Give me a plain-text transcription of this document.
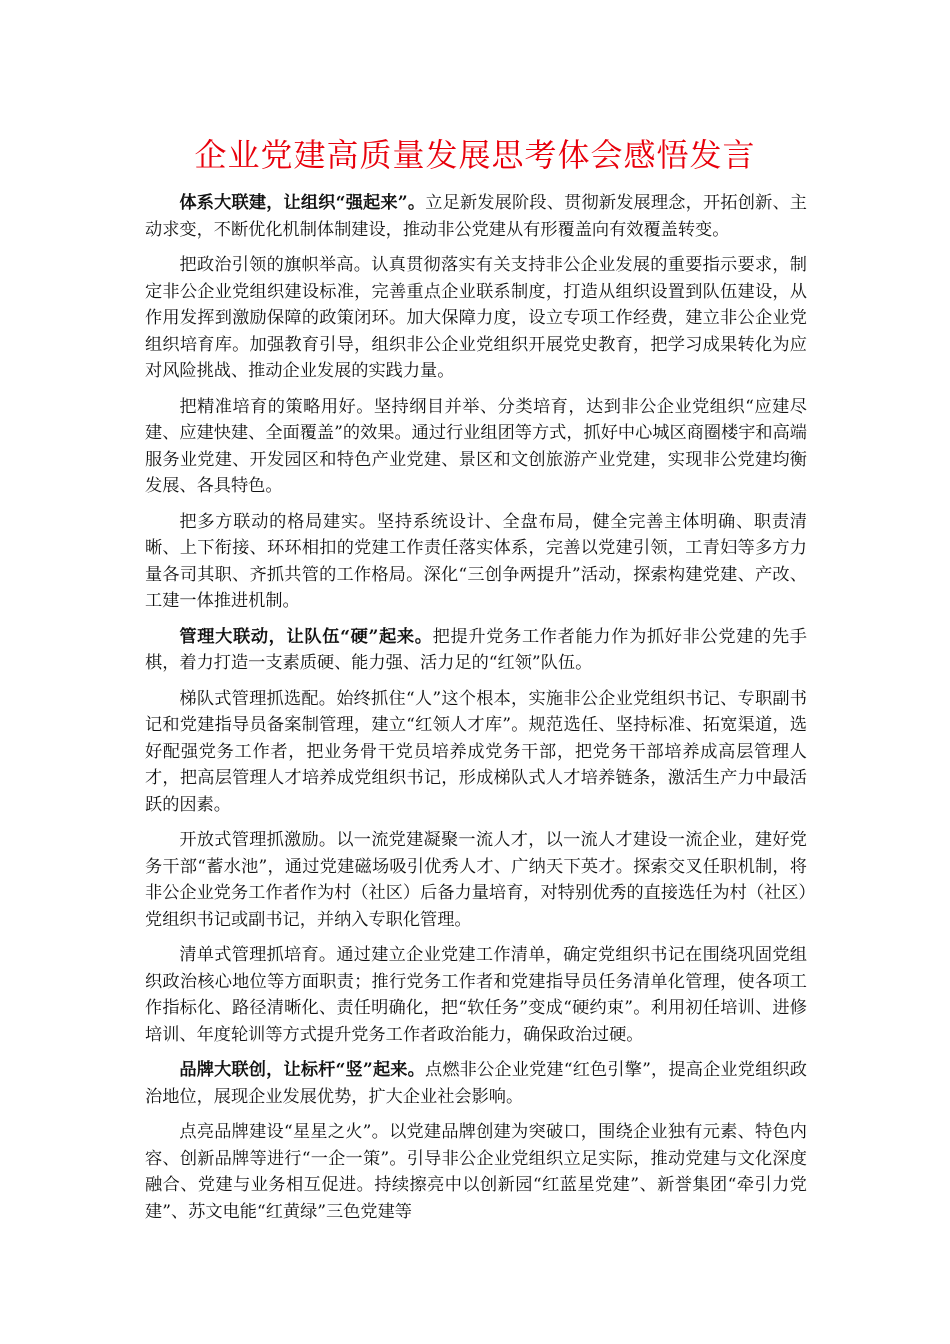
企业党建高质量发展思考体会感悟发言

体系大联建，让组织“强起来”。立足新发展阶段、贯彻新发展理念，开拓创新、主动求变，不断优化机制体制建设，推动非公党建从有形覆盖向有效覆盖转变。

把政治引领的旗帜举高。认真贯彻落实有关支持非公企业发展的重要指示要求，制定非公企业党组织建设标准，完善重点企业联系制度，打造从组织设置到队伍建设，从作用发挥到激励保障的政策闭环。加大保障力度，设立专项工作经费，建立非公企业党组织培育库。加强教育引导，组织非公企业党组织开展党史教育，把学习成果转化为应对风险挑战、推动企业发展的实践力量。

把精准培育的策略用好。坚持纲目并举、分类培育，达到非公企业党组织“应建尽建、应建快建、全面覆盖”的效果。通过行业组团等方式，抓好中心城区商圈楼宇和高端服务业党建、开发园区和特色产业党建、景区和文创旅游产业党建，实现非公党建均衡发展、各具特色。

把多方联动的格局建实。坚持系统设计、全盘布局，健全完善主体明确、职责清晰、上下衔接、环环相扣的党建工作责任落实体系，完善以党建引领，工青妇等多方力量各司其职、齐抓共管的工作格局。深化“三创争两提升”活动，探索构建党建、产改、工建一体推进机制。

管理大联动，让队伍“硬”起来。把提升党务工作者能力作为抓好非公党建的先手棋，着力打造一支素质硬、能力强、活力足的“红领”队伍。

梯队式管理抓选配。始终抓住“人”这个根本，实施非公企业党组织书记、专职副书记和党建指导员备案制管理，建立“红领人才库”。规范选任、坚持标准、拓宽渠道，选好配强党务工作者，把业务骨干党员培养成党务干部，把党务干部培养成高层管理人才，把高层管理人才培养成党组织书记，形成梯队式人才培养链条，激活生产力中最活跃的因素。

开放式管理抓激励。以一流党建凝聚一流人才，以一流人才建设一流企业，建好党务干部“蓄水池”，通过党建磁场吸引优秀人才、广纳天下英才。探索交叉任职机制，将非公企业党务工作者作为村（社区）后备力量培育，对特别优秀的直接选任为村（社区）党组织书记或副书记，并纳入专职化管理。

清单式管理抓培育。通过建立企业党建工作清单，确定党组织书记在围绕巩固党组织政治核心地位等方面职责；推行党务工作者和党建指导员任务清单化管理，使各项工作指标化、路径清晰化、责任明确化，把“软任务”变成“硬约束”。利用初任培训、进修培训、年度轮训等方式提升党务工作者政治能力，确保政治过硬。

品牌大联创，让标杆“竖”起来。点燃非公企业党建“红色引擎”，提高企业党组织政治地位，展现企业发展优势，扩大企业社会影响。

点亮品牌建设“星星之火”。以党建品牌创建为突破口，围绕企业独有元素、特色内容、创新品牌等进行“一企一策”。引导非公企业党组织立足实际，推动党建与文化深度融合、党建与业务相互促进。持续擦亮中以创新园“红蓝星党建”、新誉集团“牵引力党建”、苏文电能“红黄绿”三色党建等
